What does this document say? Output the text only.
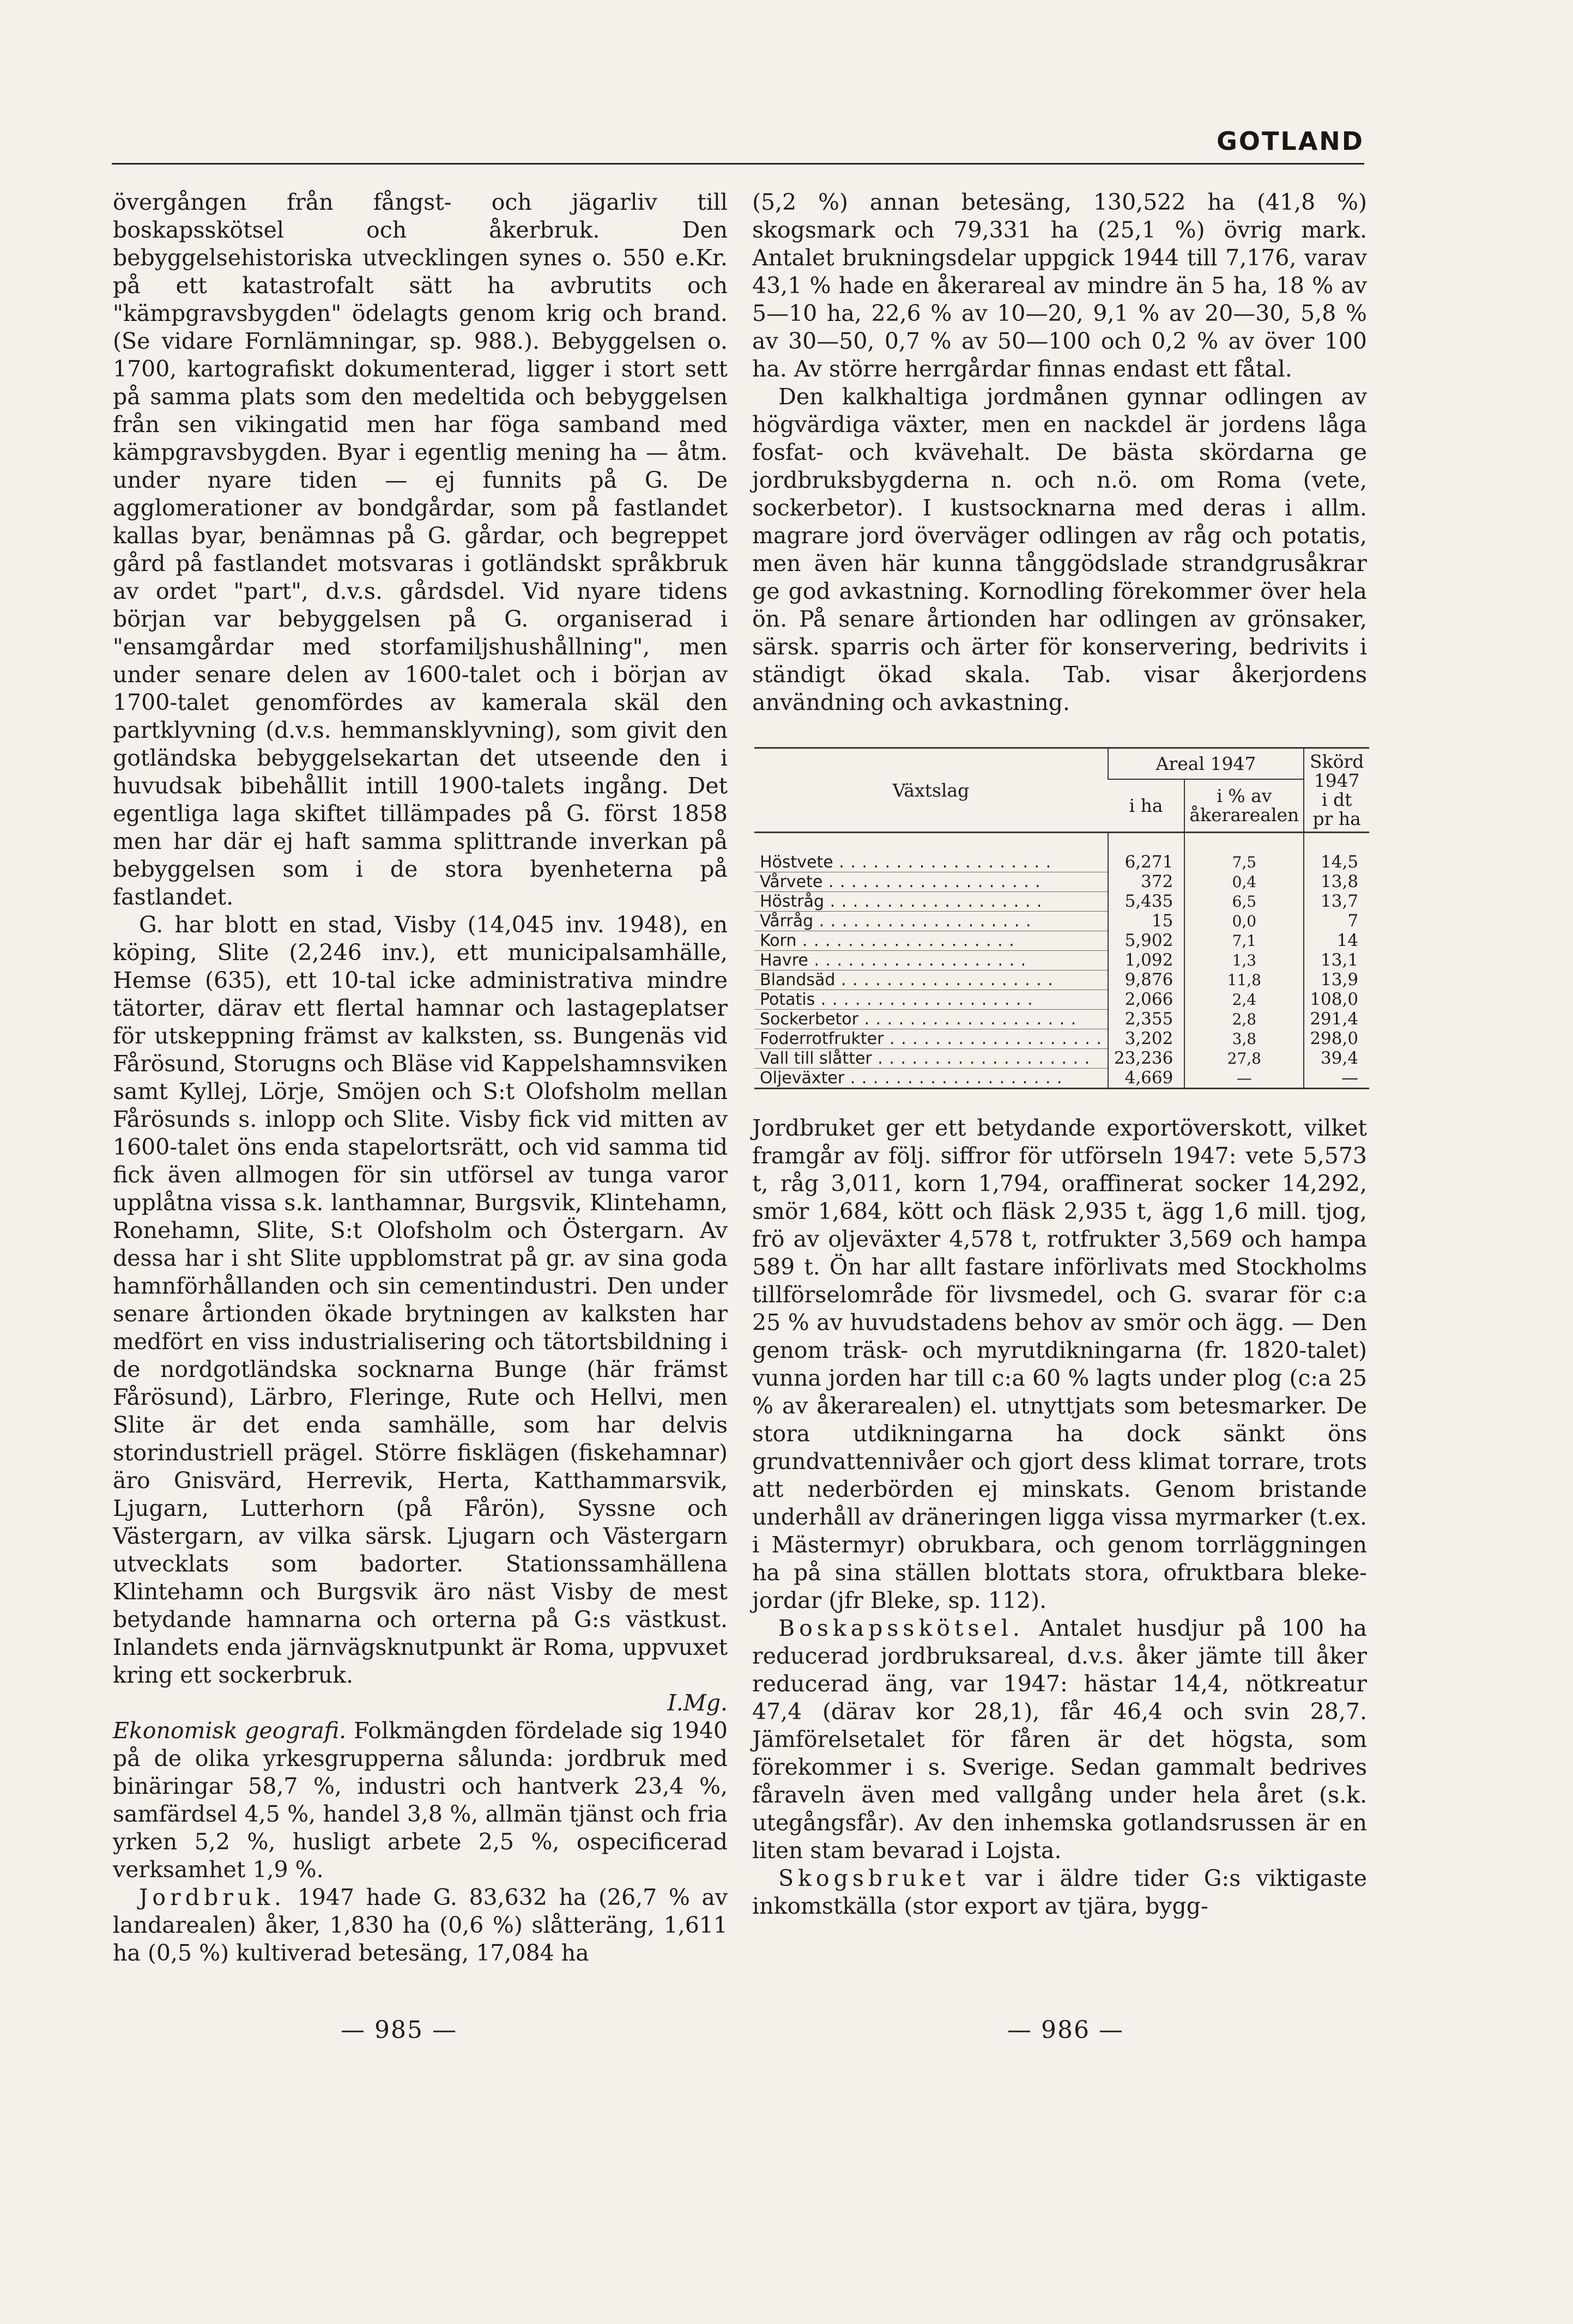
GOTLAND

övergången från fångst- och jägarliv till boskapsskötsel och åkerbruk. Den bebyggelsehistoriska utvecklingen synes o. 550 e.Kr. på ett katastrofalt sätt ha avbrutits och "kämpgravsbygden" ödelagts genom krig och brand. (Se vidare Fornlämningar, sp. 988.). Bebyggelsen o. 1700, kartografiskt dokumenterad, ligger i stort sett på samma plats som den medeltida och bebyggelsen från sen vikingatid men har föga samband med kämpgravsbygden. Byar i egentlig mening ha — åtm. under nyare tiden — ej funnits på G. De agglomerationer av bondgårdar, som på fastlandet kallas byar, benämnas på G. gårdar, och begreppet gård på fastlandet motsvaras i gotländskt språkbruk av ordet "part", d.v.s. gårdsdel. Vid nyare tidens början var bebyggelsen på G. organiserad i "ensamgårdar med storfamiljshushållning", men under senare delen av 1600-talet och i början av 1700-talet genomfördes av kamerala skäl den partklyvning (d.v.s. hemmansklyvning), som givit den gotländska bebyggelsekartan det utseende den i huvudsak bibehållit intill 1900-talets ingång. Det egentliga laga skiftet tillämpades på G. först 1858 men har där ej haft samma splittrande inverkan på bebyggelsen som i de stora byenheterna på fastlandet.

G. har blott en stad, Visby (14,045 inv. 1948), en köping, Slite (2,246 inv.), ett municipalsamhälle, Hemse (635), ett 10-tal icke administrativa mindre tätorter, därav ett flertal hamnar och lastageplatser för utskeppning främst av kalksten, ss. Bungenäs vid Fårösund, Storugns och Bläse vid Kappelshamnsviken samt Kyllej, Lörje, Smöjen och S:t Olofsholm mellan Fårösunds s. inlopp och Slite. Visby fick vid mitten av 1600-talet öns enda stapelortsrätt, och vid samma tid fick även allmogen för sin utförsel av tunga varor upplåtna vissa s.k. lanthamnar, Burgsvik, Klintehamn, Ronehamn, Slite, S:t Olofsholm och Östergarn. Av dessa har i sht Slite uppblomstrat på gr. av sina goda hamnförhållanden och sin cementindustri. Den under senare årtionden ökade brytningen av kalksten har medfört en viss industrialisering och tätortsbildning i de nordgotländska socknarna Bunge (här främst Fårösund), Lärbro, Fleringe, Rute och Hellvi, men Slite är det enda samhälle, som har delvis storindustriell prägel. Större fisklägen (fiskehamnar) äro Gnisvärd, Herrevik, Herta, Katthammarsvik, Ljugarn, Lutterhorn (på Fårön), Syssne och Västergarn, av vilka särsk. Ljugarn och Västergarn utvecklats som badorter. Stationssamhällena Klintehamn och Burgsvik äro näst Visby de mest betydande hamnarna och orterna på G:s västkust. Inlandets enda järnvägsknutpunkt är Roma, uppvuxet kring ett sockerbruk.

I.Mg.

Ekonomisk geografi. Folkmängden fördelade sig 1940 på de olika yrkesgrupperna sålunda: jordbruk med binäringar 58,7 %, industri och hantverk 23,4 %, samfärdsel 4,5 %, handel 3,8 %, allmän tjänst och fria yrken 5,2 %, husligt arbete 2,5 %, ospecificerad verksamhet 1,9 %.

Jordbruk. 1947 hade G. 83,632 ha (26,7 % av landarealen) åker, 1,830 ha (0,6 %) slåtteräng, 1,611 ha (0,5 %) kultiverad betesäng, 17,084 ha

(5,2 %) annan betesäng, 130,522 ha (41,8 %) skogsmark och 79,331 ha (25,1 %) övrig mark. Antalet brukningsdelar uppgick 1944 till 7,176, varav 43,1 % hade en åkerareal av mindre än 5 ha, 18 % av 5—10 ha, 22,6 % av 10—20, 9,1 % av 20—30, 5,8 % av 30—50, 0,7 % av 50—100 och 0,2 % av över 100 ha. Av större herrgårdar finnas endast ett fåtal.

Den kalkhaltiga jordmånen gynnar odlingen av högvärdiga växter, men en nackdel är jordens låga fosfat- och kvävehalt. De bästa skördarna ge jordbruksbygderna n. och n.ö. om Roma (vete, sockerbetor). I kustsocknarna med deras i allm. magrare jord överväger odlingen av råg och potatis, men även här kunna tånggödslade strandgrusåkrar ge god avkastning. Kornodling förekommer över hela ön. På senare årtionden har odlingen av grönsaker, särsk. sparris och ärter för konservering, bedrivits i ständigt ökad skala. Tab. visar åkerjordens användning och avkastning.

Växtslag	Areal 1947		Skörd 1947 i dt pr ha
	i ha	i % av åkerarealen	
Höstvete . . .	6,271	7,5	14,5
Vårvete . . .	372	0,4	13,8
Höstråg . . .	5,435	6,5	13,7
Vårråg . . .	15	0,0	7
Korn . . .	5,902	7,1	14
Havre . . .	1,092	1,3	13,1
Blandsäd . . .	9,876	11,8	13,9
Potatis . . .	2,066	2,4	108,0
Sockerbetor . . .	2,355	2,8	291,4
Foderrotfrukter . . .	3,202	3,8	298,0
Vall till slåtter . . .	23,236	27,8	39,4
Oljeväxter . . .	4,669	—	—

Jordbruket ger ett betydande exportöverskott, vilket framgår av följ. siffror för utförseln 1947: vete 5,573 t, råg 3,011, korn 1,794, oraffinerat socker 14,292, smör 1,684, kött och fläsk 2,935 t, ägg 1,6 mill. tjog, frö av oljeväxter 4,578 t, rotfrukter 3,569 och hampa 589 t. Ön har allt fastare införlivats med Stockholms tillförselområde för livsmedel, och G. svarar för c:a 25 % av huvudstadens behov av smör och ägg. — Den genom träsk- och myrutdikningarna (fr. 1820-talet) vunna jorden har till c:a 60 % lagts under plog (c:a 25 % av åkerarealen) el. utnyttjats som betesmarker. De stora utdikningarna ha dock sänkt öns grundvattennivåer och gjort dess klimat torrare, trots att nederbörden ej minskats. Genom bristande underhåll av dräneringen ligga vissa myrmarker (t.ex. i Mästermyr) obrukbara, och genom torrläggningen ha på sina ställen blottats stora, ofruktbara bleke-jordar (jfr Bleke, sp. 112).

Boskapsskötsel. Antalet husdjur på 100 ha reducerad jordbruksareal, d.v.s. åker jämte till åker reducerad äng, var 1947: hästar 14,4, nötkreatur 47,4 (därav kor 28,1), får 46,4 och svin 28,7. Jämförelsetalet för fåren är det högsta, som förekommer i s. Sverige. Sedan gammalt bedrives fåraveln även med vallgång under hela året (s.k. utegångsfår). Av den inhemska gotlandsrussen är en liten stam bevarad i Lojsta.

Skogsbruket var i äldre tider G:s viktigaste inkomstkälla (stor export av tjära, bygg-

— 985 —	— 986 —
